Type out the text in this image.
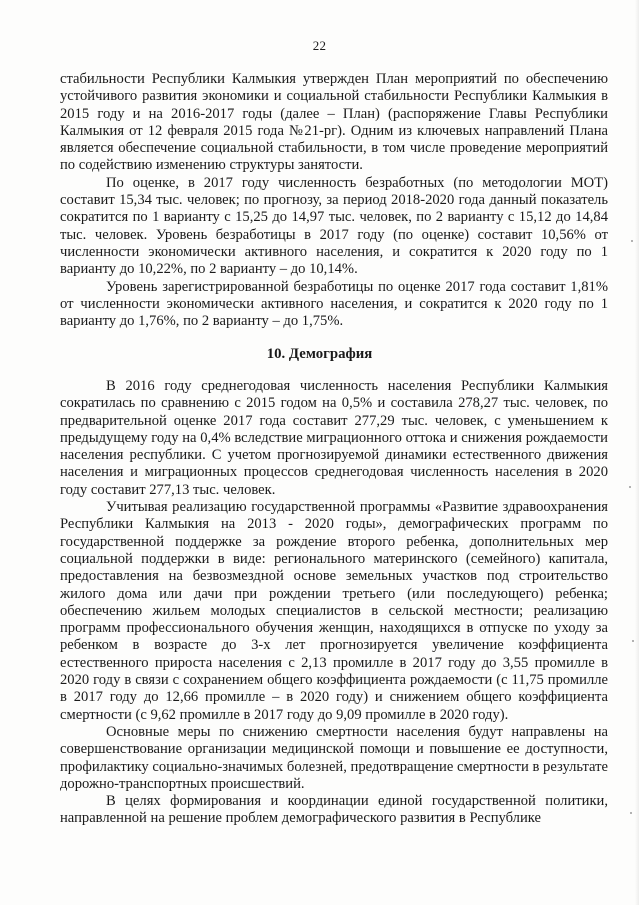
22

стабильности Республики Калмыкия утвержден План мероприятий по обеспечению устойчивого развития экономики и социальной стабильности Республики Калмыкия в 2015 году и на 2016-2017 годы (далее – План) (распоряжение Главы Республики Калмыкия от 12 февраля 2015 года №21-рг). Одним из ключевых направлений Плана является обеспечение социальной стабильности, в том числе проведение мероприятий по содействию изменению структуры занятости.

По оценке, в 2017 году численность безработных (по методологии МОТ) составит 15,34 тыс. человек; по прогнозу, за период 2018-2020 года данный показатель сократится по 1 варианту с 15,25 до 14,97 тыс. человек, по 2 варианту с 15,12 до 14,84 тыс. человек. Уровень безработицы в 2017 году (по оценке) составит 10,56% от численности экономически активного населения, и сократится к 2020 году по 1 варианту до 10,22%, по 2 варианту – до 10,14%.

Уровень зарегистрированной безработицы по оценке 2017 года составит 1,81% от численности экономически активного населения, и сократится к 2020 году по 1 варианту до 1,76%, по 2 варианту – до 1,75%.

10. Демография

В 2016 году среднегодовая численность населения Республики Калмыкия сократилась по сравнению с 2015 годом на 0,5% и составила 278,27 тыс. человек, по предварительной оценке 2017 года составит 277,29 тыс. человек, с уменьшением к предыдущему году на 0,4% вследствие миграционного оттока и снижения рождаемости населения республики. С учетом прогнозируемой динамики естественного движения населения и миграционных процессов среднегодовая численность населения в 2020 году составит 277,13 тыс. человек.

Учитывая реализацию государственной программы «Развитие здравоохранения Республики Калмыкия на 2013 - 2020 годы», демографических программ по государственной поддержке за рождение второго ребенка, дополнительных мер социальной поддержки в виде: регионального материнского (семейного) капитала, предоставления на безвозмездной основе земельных участков под строительство жилого дома или дачи при рождении третьего (или последующего) ребенка; обеспечению жильем молодых специалистов в сельской местности; реализацию программ профессионального обучения женщин, находящихся в отпуске по уходу за ребенком в возрасте до 3-х лет прогнозируется увеличение коэффициента естественного прироста населения с 2,13 промилле в 2017 году до 3,55 промилле в 2020 году в связи с сохранением общего коэффициента рождаемости (с 11,75 промилле в 2017 году до 12,66 промилле – в 2020 году) и снижением общего коэффициента смертности (с 9,62 промилле в 2017 году до 9,09 промилле в 2020 году).

Основные меры по снижению смертности населения будут направлены на совершенствование организации медицинской помощи и повышение ее доступности, профилактику социально-значимых болезней, предотвращение смертности в результате дорожно-транспортных происшествий.

В целях формирования и координации единой государственной политики, направленной на решение проблем демографического развития в Республике
